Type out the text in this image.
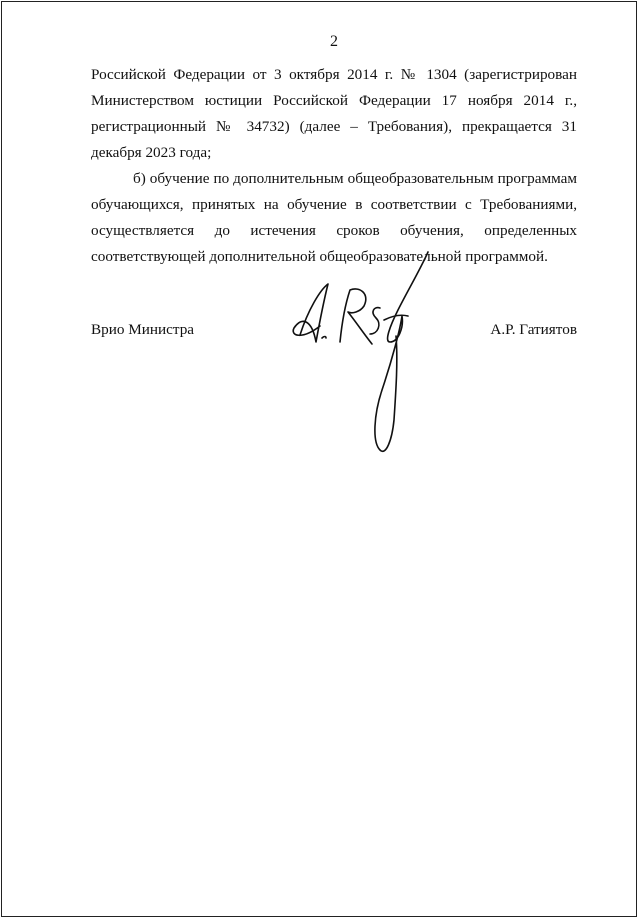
2

Российской Федерации от 3 октября 2014 г. № 1304 (зарегистрирован Министерством юстиции Российской Федерации 17 ноября 2014 г., регистрационный № 34732) (далее – Требования), прекращается 31 декабря 2023 года;

б) обучение по дополнительным общеобразовательным программам обучающихся, принятых на обучение в соответствии с Требованиями, осуществляется до истечения сроков обучения, определенных соответствующей дополнительной общеобразовательной программой.

Врио Министра	А.Р. Гатиятов
